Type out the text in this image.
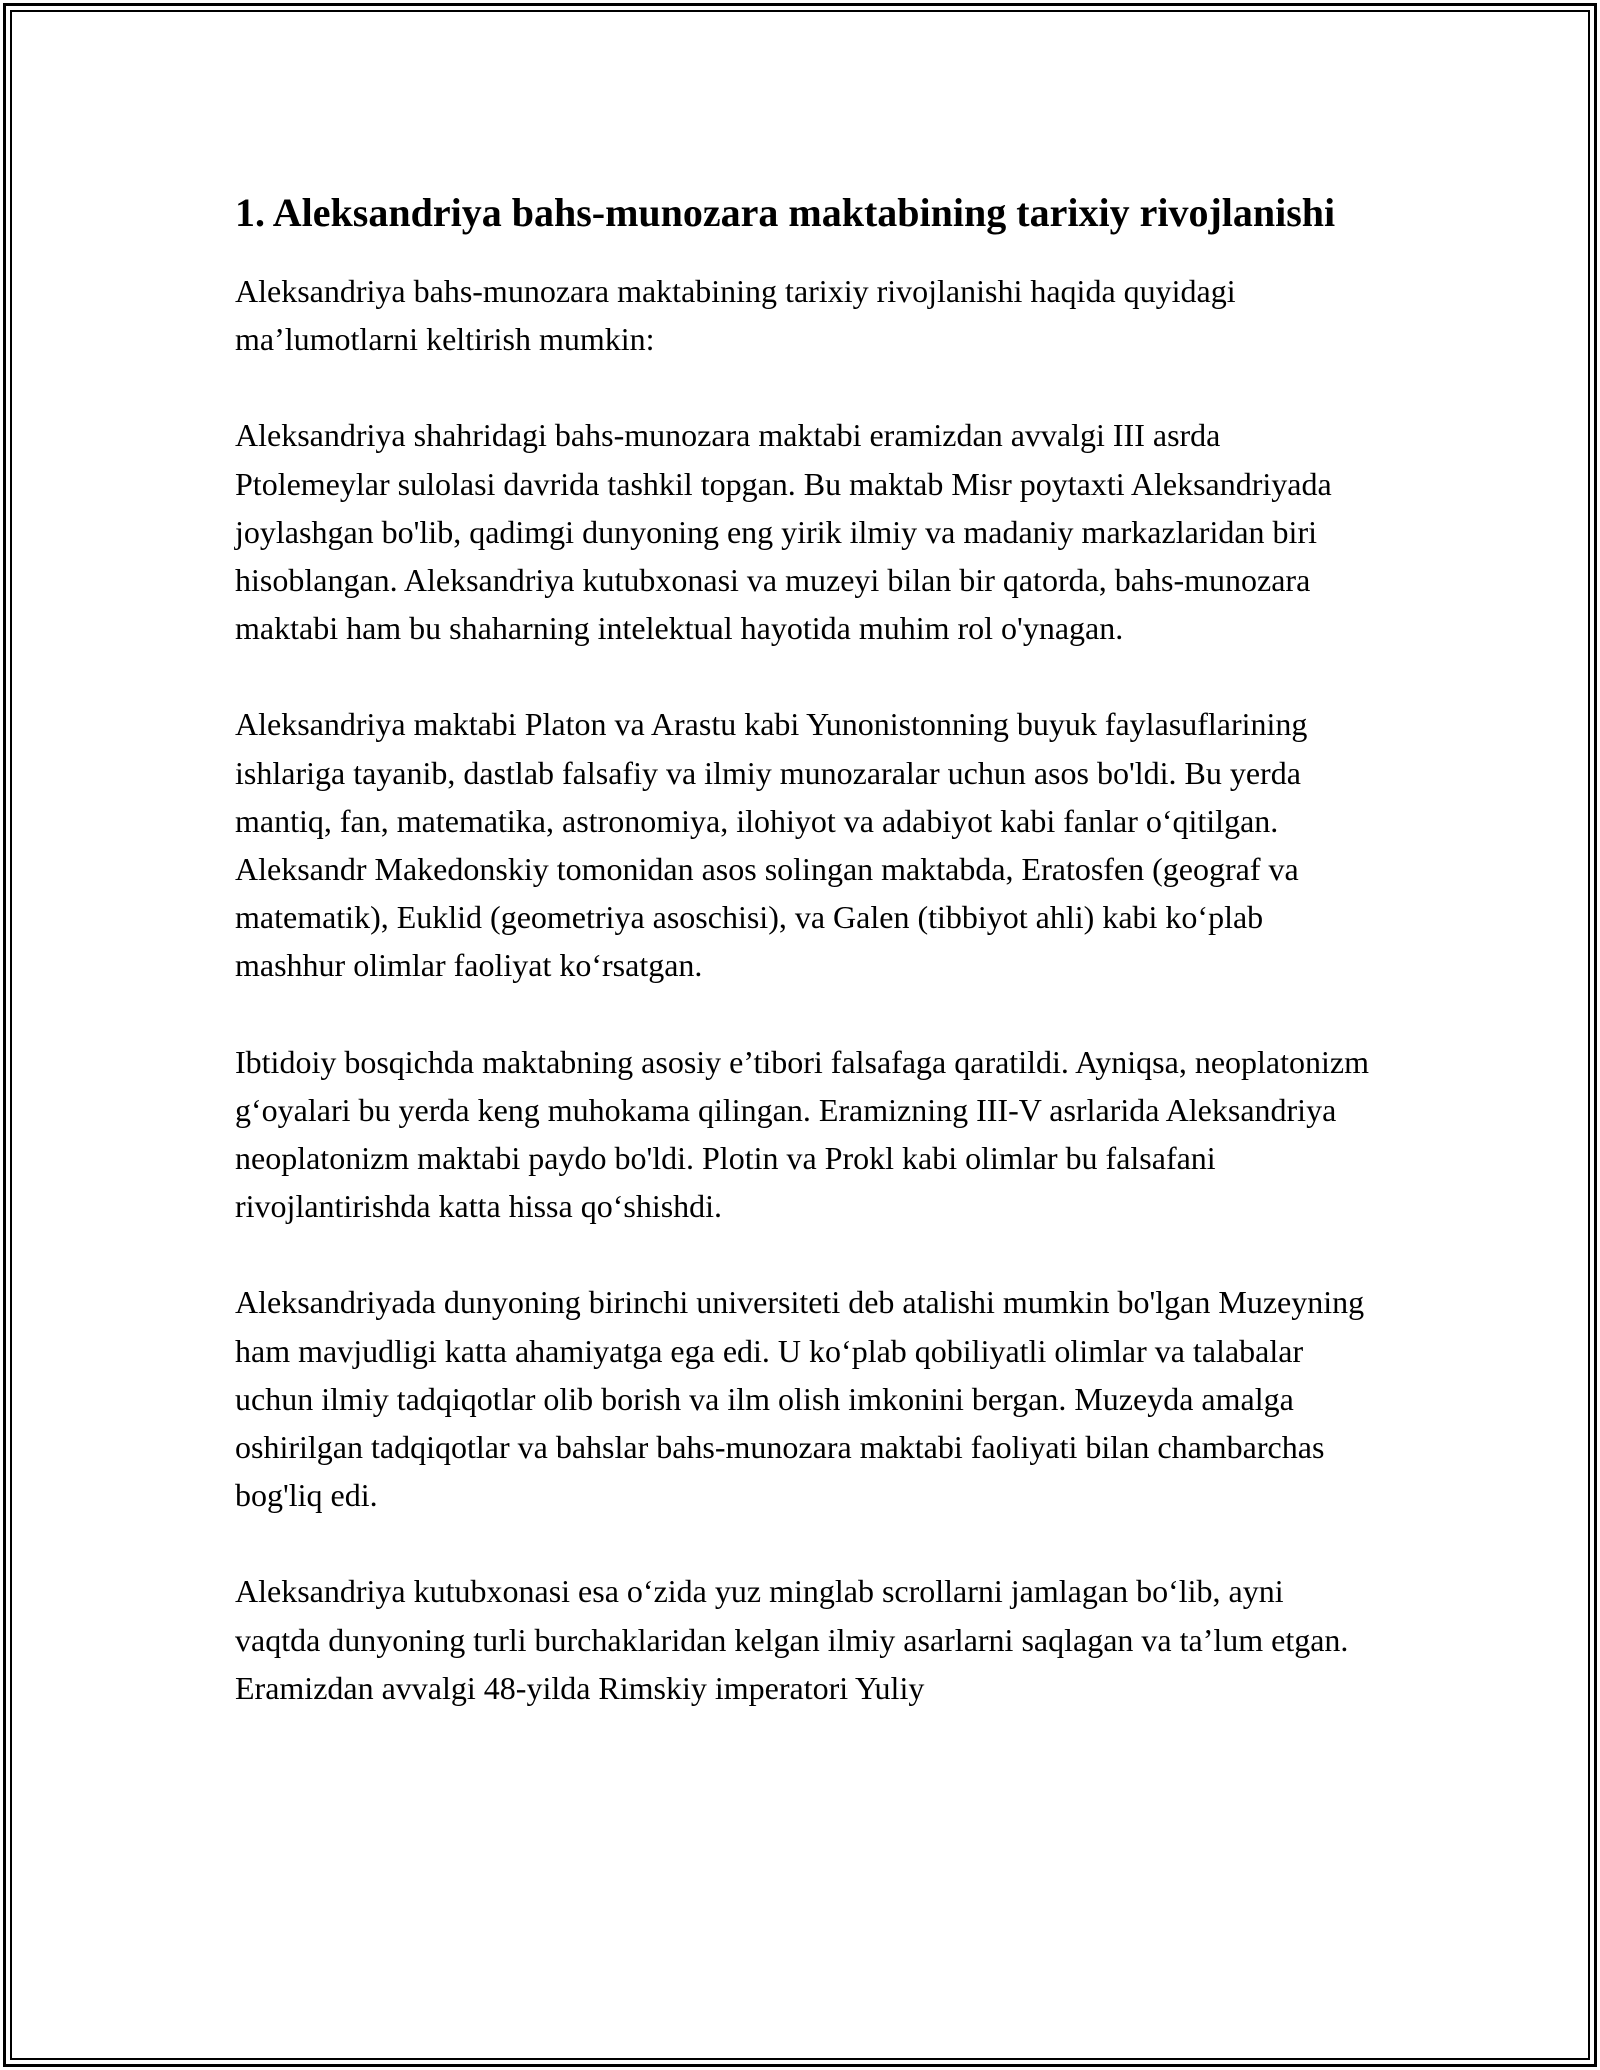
1. Aleksandriya bahs-munozara maktabining tarixiy rivojlanishi

Aleksandriya bahs-munozara maktabining tarixiy rivojlanishi haqida quyidagi ma’lumotlarni keltirish mumkin:

Aleksandriya shahridagi bahs-munozara maktabi eramizdan avvalgi III asrda Ptolemeylar sulolasi davrida tashkil topgan. Bu maktab Misr poytaxti Aleksandriyada joylashgan bo'lib, qadimgi dunyoning eng yirik ilmiy va madaniy markazlaridan biri hisoblangan. Aleksandriya kutubxonasi va muzeyi bilan bir qatorda, bahs-munozara maktabi ham bu shaharning intelektual hayotida muhim rol o'ynagan.

Aleksandriya maktabi Platon va Arastu kabi Yunonistonning buyuk faylasuflarining ishlariga tayanib, dastlab falsafiy va ilmiy munozaralar uchun asos bo'ldi. Bu yerda mantiq, fan, matematika, astronomiya, ilohiyot va adabiyot kabi fanlar o‘qitilgan. Aleksandr Makedonskiy tomonidan asos solingan maktabda, Eratosfen (geograf va matematik), Euklid (geometriya asoschisi), va Galen (tibbiyot ahli) kabi ko‘plab mashhur olimlar faoliyat ko‘rsatgan.

Ibtidoiy bosqichda maktabning asosiy e’tibori falsafaga qaratildi. Ayniqsa, neoplatonizm g‘oyalari bu yerda keng muhokama qilingan. Eramizning III-V asrlarida Aleksandriya neoplatonizm maktabi paydo bo'ldi. Plotin va Prokl kabi olimlar bu falsafani rivojlantirishda katta hissa qo‘shishdi.

Aleksandriyada dunyoning birinchi universiteti deb atalishi mumkin bo'lgan Muzeyning ham mavjudligi katta ahamiyatga ega edi. U ko‘plab qobiliyatli olimlar va talabalar uchun ilmiy tadqiqotlar olib borish va ilm olish imkonini bergan. Muzeyda amalga oshirilgan tadqiqotlar va bahslar bahs-munozara maktabi faoliyati bilan chambarchas bog'liq edi.

Aleksandriya kutubxonasi esa o‘zida yuz minglab scrollarni jamlagan bo‘lib, ayni vaqtda dunyoning turli burchaklaridan kelgan ilmiy asarlarni saqlagan va ta’lum etgan. Eramizdan avvalgi 48-yilda Rimskiy imperatori Yuliy
